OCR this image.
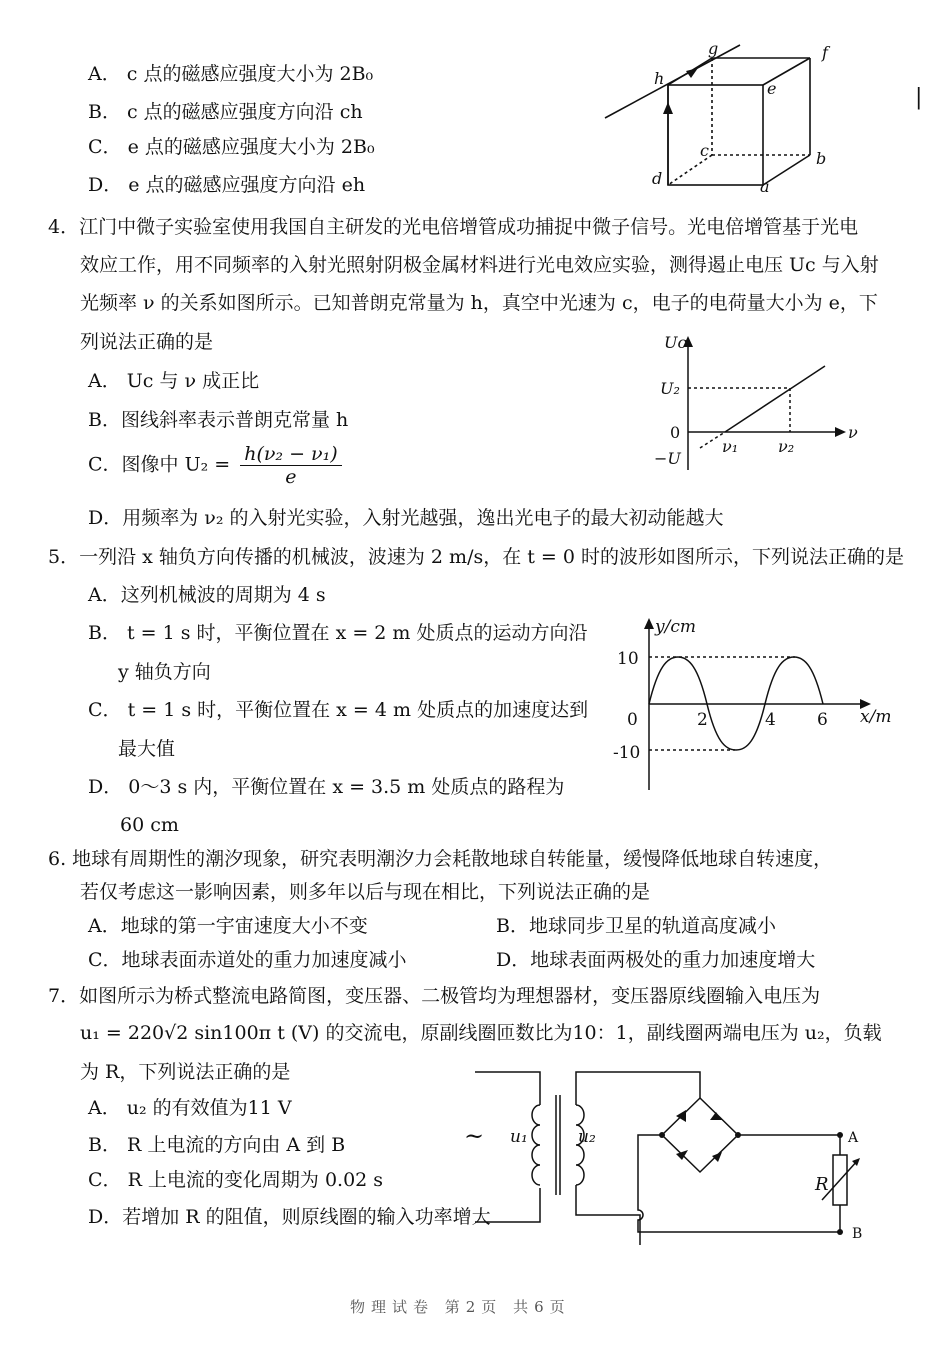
A． c 点的磁感应强度大小为 2B₀
B． c 点的磁感应强度方向沿 ch
C． e 点的磁感应强度大小为 2B₀
D． e 点的磁感应强度方向沿 eh
g	f
h
e
c	b
d	a
|
4．江门中微子实验室使用我国自主研发的光电倍增管成功捕捉中微子信号。光电倍增管基于光电
效应工作，用不同频率的入射光照射阴极金属材料进行光电效应实验，测得遏止电压 Uc 与入射
光频率 ν 的关系如图所示。已知普朗克常量为 h，真空中光速为 c，电子的电荷量大小为 e，下
列说法正确的是
A． Uc 与 ν 成正比
B．图线斜率表示普朗克常量 h
C．图像中 $U_2 = \frac{\text{h(ν₂ − ν₁)}}{e}$
D．用频率为 ν₂ 的入射光实验，入射光越强，逸出光电子的最大初动能越大
Uc
U₂
0
−U
ν₁ ν₂
ν
5．一列沿 x 轴负方向传播的机械波，波速为 2 m/s，在 t = 0 时的波形如图所示，下列说法正确的是
A．这列机械波的周期为 4 s
B． t = 1 s 时，平衡位置在 x = 2 m 处质点的运动方向沿
y 轴负方向
C． t = 1 s 时，平衡位置在 x = 4 m 处质点的加速度达到
最大值
D． 0～3 s 内，平衡位置在 x = 3.5 m 处质点的路程为
60 cm
y/cm
x/m
10
0
-10
2	4 6
6. 地球有周期性的潮汐现象，研究表明潮汐力会耗散地球自转能量，缓慢降低地球自转速度，
若仅考虑这一影响因素，则多年以后与现在相比，下列说法正确的是
A．地球的第一宇宙速度大小不变	B．地球同步卫星的轨道高度减小
C．地球表面赤道处的重力加速度减小	D．地球表面两极处的重力加速度增大
7．如图所示为桥式整流电路简图，变压器、二极管均为理想器材，变压器原线圈输入电压为
u₁ = 220√2 sin100π t (V) 的交流电，原副线圈匝数比为10：1，副线圈两端电压为 u₂，负载
为 R，下列说法正确的是
A． u₂ 的有效值为11 V
B． R 上电流的方向由 A 到 B
C． R 上电流的变化周期为 0.02 s
D．若增加 R 的阻值，则原线圈的输入功率增大
~ u₁	u₂
R
A
B
物理试卷 第2页 共6页
